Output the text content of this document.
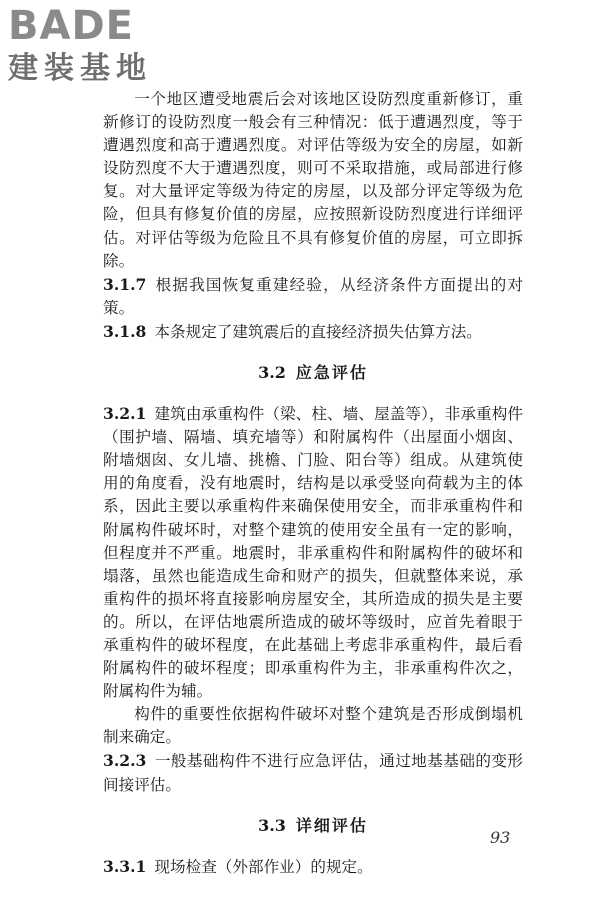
BADE
建装基地

一个地区遭受地震后会对该地区设防烈度重新修订，重新修订的设防烈度一般会有三种情况：低于遭遇烈度，等于遭遇烈度和高于遭遇烈度。对评估等级为安全的房屋，如新设防烈度不大于遭遇烈度，则可不采取措施，或局部进行修复。对大量评定等级为待定的房屋，以及部分评定等级为危险，但具有修复价值的房屋，应按照新设防烈度进行详细评估。对评估等级为危险且不具有修复价值的房屋，可立即拆除。

3.1.7 根据我国恢复重建经验，从经济条件方面提出的对策。

3.1.8 本条规定了建筑震后的直接经济损失估算方法。

3.2 应急评估

3.2.1 建筑由承重构件（梁、柱、墙、屋盖等），非承重构件（围护墙、隔墙、填充墙等）和附属构件（出屋面小烟囱、附墙烟囱、女儿墙、挑檐、门脸、阳台等）组成。从建筑使用的角度看，没有地震时，结构是以承受竖向荷载为主的体系，因此主要以承重构件来确保使用安全，而非承重构件和附属构件破坏时，对整个建筑的使用安全虽有一定的影响，但程度并不严重。地震时，非承重构件和附属构件的破坏和塌落，虽然也能造成生命和财产的损失，但就整体来说，承重构件的损坏将直接影响房屋安全，其所造成的损失是主要的。所以，在评估地震所造成的破坏等级时，应首先着眼于承重构件的破坏程度，在此基础上考虑非承重构件，最后看附属构件的破坏程度；即承重构件为主，非承重构件次之，附属构件为辅。

构件的重要性依据构件破坏对整个建筑是否形成倒塌机制来确定。

3.2.3 一般基础构件不进行应急评估，通过地基基础的变形间接评估。

3.3 详细评估

3.3.1 现场检查（外部作业）的规定。

93
